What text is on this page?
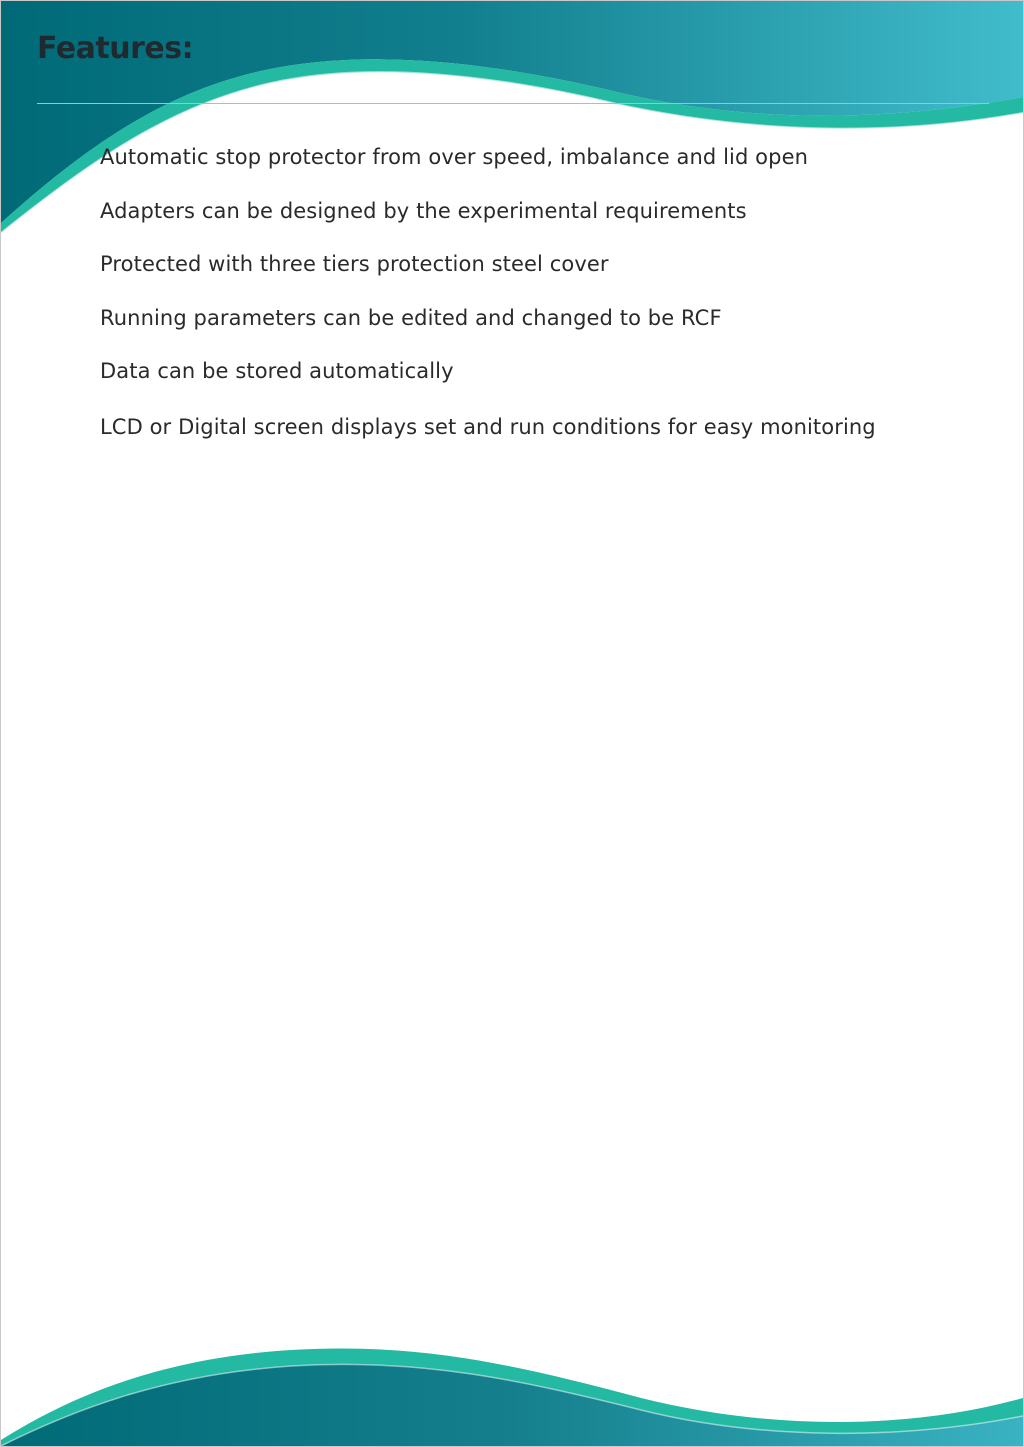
Features:
Automatic stop protector from over speed, imbalance and lid open
Adapters can be designed by the experimental requirements
Protected with three tiers protection steel cover
Running parameters can be edited and changed to be RCF
Data can be stored automatically
LCD or Digital screen displays set and run conditions for easy monitoring
